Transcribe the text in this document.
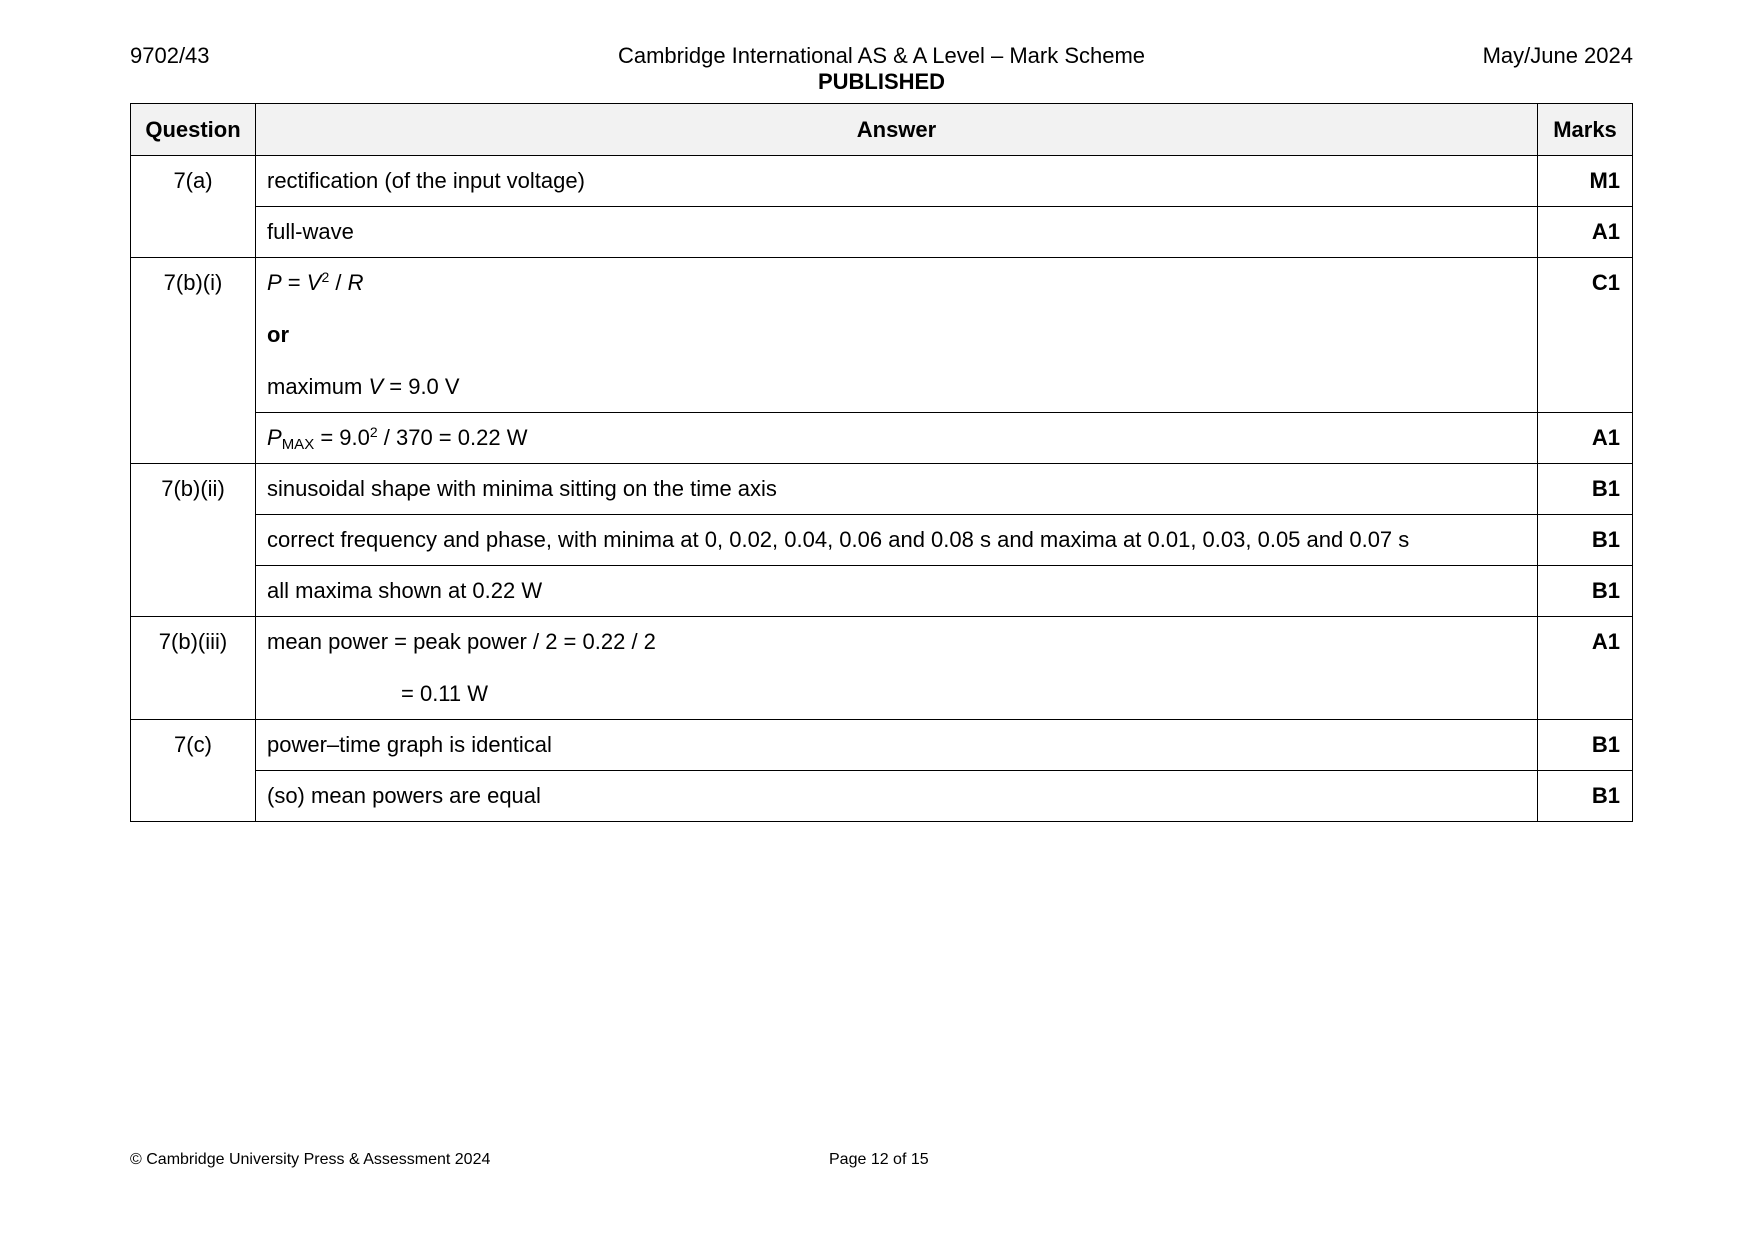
9702/43	Cambridge International AS & A Level – Mark Scheme
PUBLISHED
May/June 2024
Question	Answer	Marks
7(a)	rectification (of the input voltage)	M1
	full-wave	A1
7(b)(i)	$P = V^2 / R$
or
maximum V = 9.0 V	C1
	$P_{MAX} = 9.0^2 / 370 = 0.22$ W	A1
7(b)(ii)	sinusoidal shape with minima sitting on the time axis	B1
	correct frequency and phase, with minima at 0, 0.02, 0.04, 0.06 and 0.08 s and maxima at 0.01, 0.03, 0.05 and 0.07 s	B1
	all maxima shown at 0.22 W	B1
7(b)(iii)	mean power = peak power / 2 = 0.22 / 2
= 0.11 W	A1
7(c)	power–time graph is identical	B1
	(so) mean powers are equal	B1
© Cambridge University Press & Assessment 2024	Page 12 of 15
